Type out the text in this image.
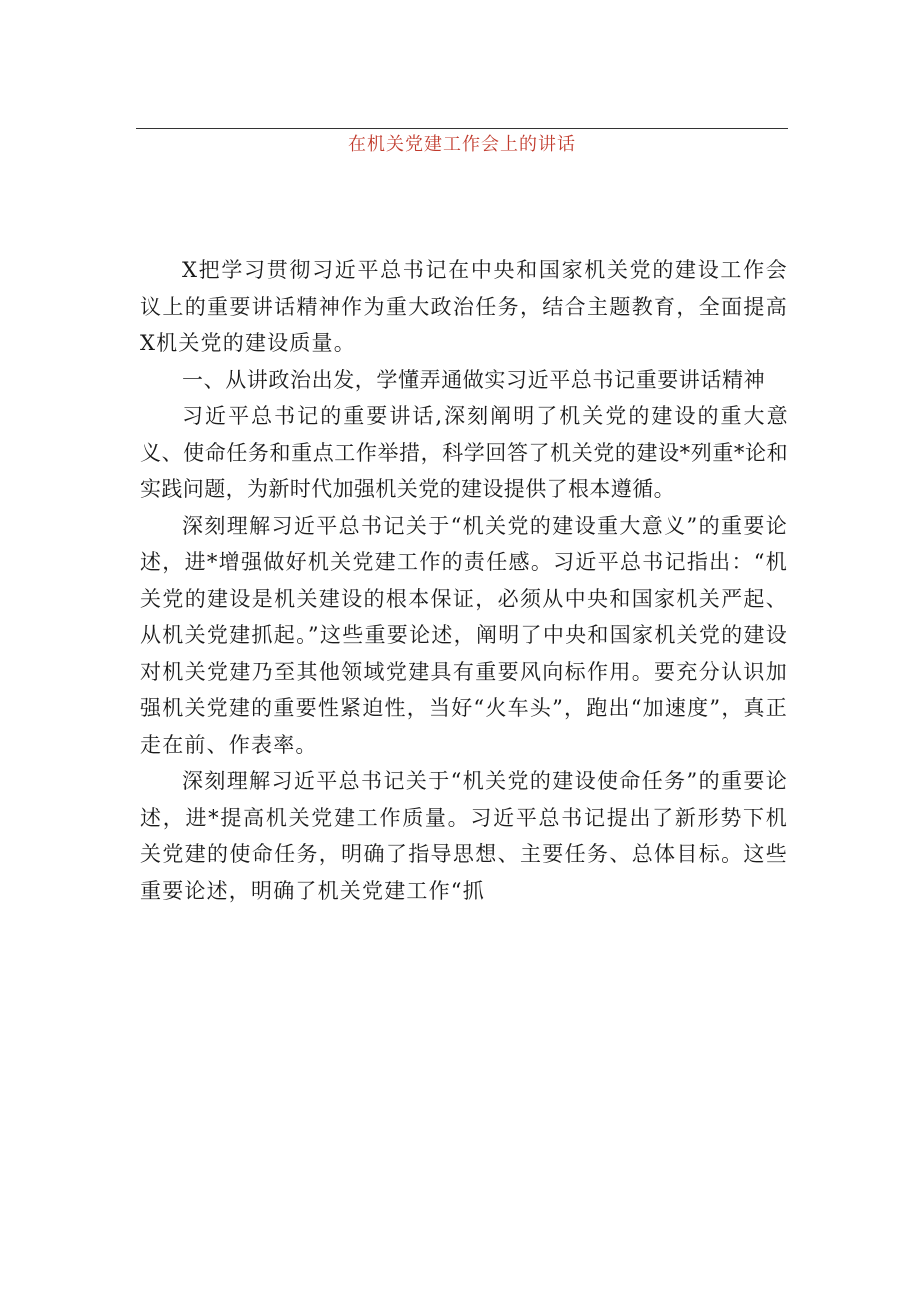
在机关党建工作会上的讲话

X把学习贯彻习近平总书记在中央和国家机关党的建设工作会议上的重要讲话精神作为重大政治任务，结合主题教育，全面提高X机关党的建设质量。

一、从讲政治出发，学懂弄通做实习近平总书记重要讲话精神

习近平总书记的重要讲话,深刻阐明了机关党的建设的重大意义、使命任务和重点工作举措，科学回答了机关党的建设*列重*论和实践问题，为新时代加强机关党的建设提供了根本遵循。

深刻理解习近平总书记关于“机关党的建设重大意义”的重要论述，进*增强做好机关党建工作的责任感。习近平总书记指出：“机关党的建设是机关建设的根本保证，必须从中央和国家机关严起、从机关党建抓起。”这些重要论述，阐明了中央和国家机关党的建设对机关党建乃至其他领域党建具有重要风向标作用。要充分认识加强机关党建的重要性紧迫性，当好“火车头”，跑出“加速度”，真正走在前、作表率。

深刻理解习近平总书记关于“机关党的建设使命任务”的重要论述，进*提高机关党建工作质量。习近平总书记提出了新形势下机关党建的使命任务，明确了指导思想、主要任务、总体目标。这些重要论述，明确了机关党建工作“抓
